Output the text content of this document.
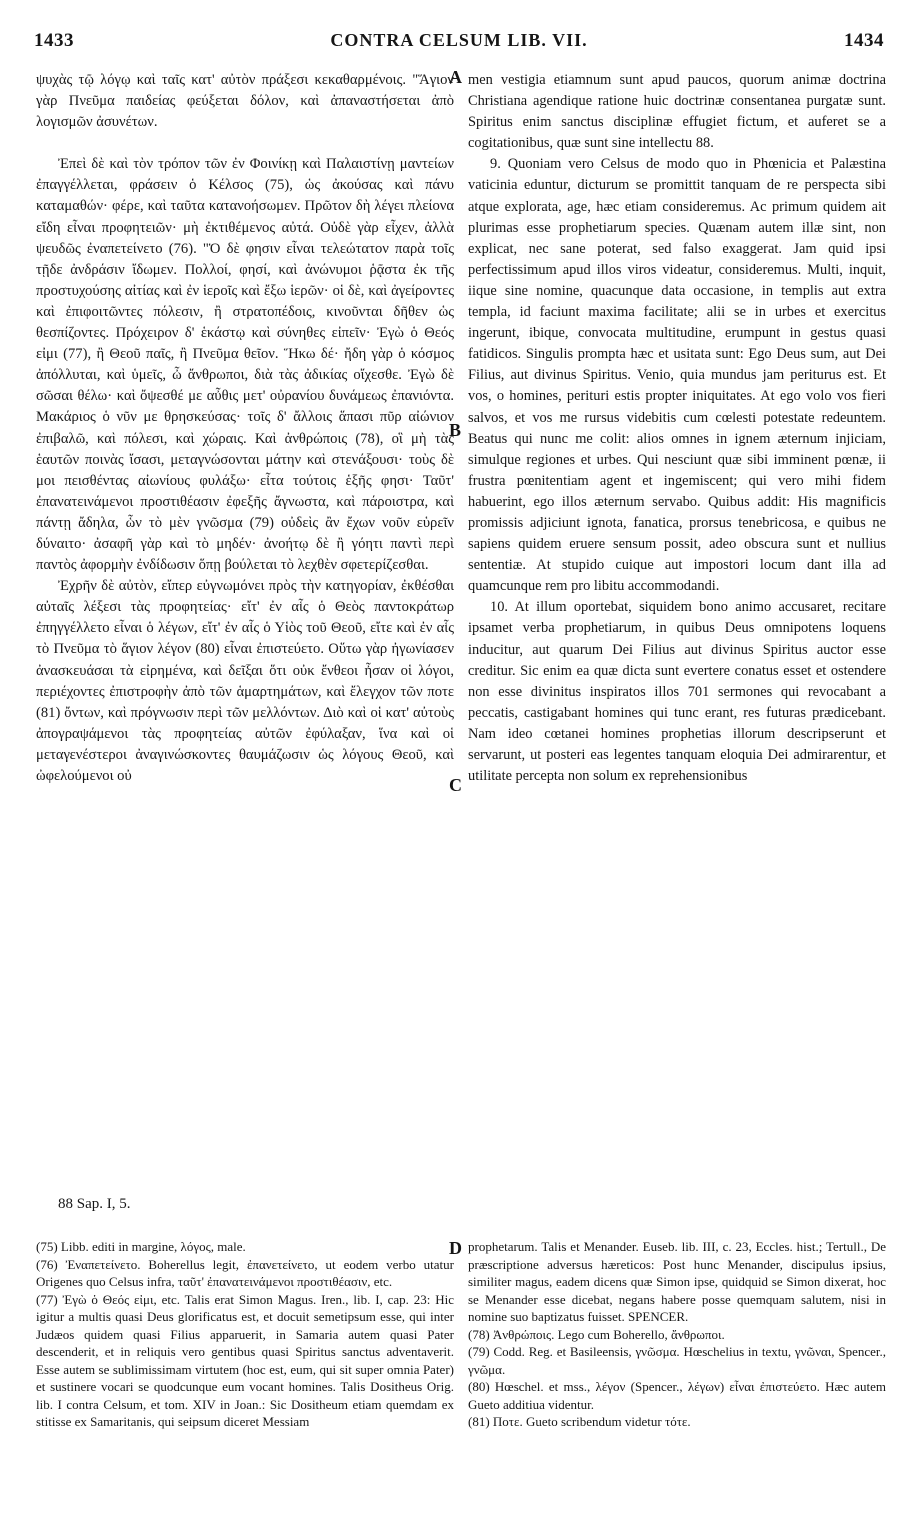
1433	CONTRA CELSUM LIB. VII.	1434

ψυχὰς τῷ λόγῳ καὶ ταῖς κατ' αὐτὸν πράξεσι κεκαθαρμένοις. "Ἅγιον γὰρ Πνεῦμα παιδείας φεύξεται δόλον, καὶ ἀπαναστήσεται ἀπὸ λογισμῶν ἀσυνέτων.

Ἐπεὶ δὲ καὶ τὸν τρόπον τῶν ἐν Φοινίκῃ καὶ Παλαιστίνῃ μαντείων ἐπαγγέλλεται, φράσειν ὁ Κέλσος (75), ὡς ἀκούσας καὶ πάνυ καταμαθών· φέρε, καὶ ταῦτα κατανοήσωμεν. Πρῶτον δὴ λέγει πλείονα εἴδη εἶναι προφητειῶν· μὴ ἐκτιθέμενος αὐτά. Οὐδὲ γὰρ εἶχεν, ἀλλὰ ψευδῶς ἐναπετείνετο (76). "Ὁ δὲ φησιν εἶναι τελεώτατον παρὰ τοῖς τῇδε ἀνδράσιν ἴδωμεν. Πολλοί, φησί, καὶ ἀνώνυμοι ῥᾷστα ἐκ τῆς προστυχούσης αἰτίας καὶ ἐν ἱεροῖς καὶ ἔξω ἱερῶν· οἱ δὲ, καὶ ἀγείροντες καὶ ἐπιφοιτῶντες πόλεσιν, ἢ στρατοπέδοις, κινοῦνται δῆθεν ὡς θεσπίζοντες. Πρόχειρον δ' ἑκάστῳ καὶ σύνηθες εἰπεῖν· Ἐγὼ ὁ Θεός εἰμι (77), ἢ Θεοῦ παῖς, ἢ Πνεῦμα θεῖον. Ἥκω δέ· ἤδη γὰρ ὁ κόσμος ἀπόλλυται, καὶ ὑμεῖς, ὦ ἄνθρωποι, διὰ τὰς ἀδικίας οἴχεσθε. Ἐγὼ δὲ σῶσαι θέλω· καὶ ὄψεσθέ με αὖθις μετ' οὐρανίου δυνάμεως ἐπανιόντα. Μακάριος ὁ νῦν με θρησκεύσας· τοῖς δ' ἄλλοις ἅπασι πῦρ αἰώνιον ἐπιβαλῶ, καὶ πόλεσι, καὶ χώραις. Καὶ ἀνθρώποις (78), οἳ μὴ τὰς ἑαυτῶν ποινὰς ἴσασι, μεταγνώσονται μάτην καὶ στενάξουσι· τοὺς δὲ μοι πεισθέντας αἰωνίους φυλάξω· εἶτα τούτοις ἑξῆς φησι· Ταῦτ' ἐπανατεινάμενοι προστιθέασιν ἐφεξῆς ἄγνωστα, καὶ πάροιστρα, καὶ πάντῃ ἄδηλα, ὧν τὸ μὲν γνῶσμα (79) οὐδεὶς ἂν ἔχων νοῦν εὑρεῖν δύναιτο· ἀσαφῆ γὰρ καὶ τὸ μηδέν· ἀνοήτῳ δὲ ἢ γόητι παντὶ περὶ παντὸς ἀφορμὴν ἐνδίδωσιν ὅπῃ βούλεται τὸ λεχθὲν σφετερίζεσθαι.

Ἐχρῆν δὲ αὐτὸν, εἴπερ εὐγνωμόνει πρὸς τὴν κατηγορίαν, ἐκθέσθαι αὐταῖς λέξεσι τὰς προφητείας· εἴτ' ἐν αἷς ὁ Θεὸς παντοκράτωρ ἐπηγγέλλετο εἶναι ὁ λέγων, εἴτ' ἐν αἷς ὁ Υἱὸς τοῦ Θεοῦ, εἴτε καὶ ἐν αἷς τὸ Πνεῦμα τὸ ἅγιον λέγον (80) εἶναι ἐπιστεύετο. Οὕτω γὰρ ἠγωνίασεν ἀνασκευάσαι τὰ εἰρημένα, καὶ δεῖξαι ὅτι οὐκ ἔνθεοι ἦσαν οἱ λόγοι, περιέχοντες ἐπιστροφὴν ἀπὸ τῶν ἁμαρτημάτων, καὶ ἔλεγχον τῶν ποτε (81) ὄντων, καὶ πρόγνωσιν περὶ τῶν μελλόντων. Διὸ καὶ οἱ κατ' αὐτοὺς ἀπογραψάμενοι τὰς προφητείας αὐτῶν ἐφύλαξαν, ἵνα καὶ οἱ μεταγενέστεροι ἀναγινώσκοντες θαυμάζωσιν ὡς λόγους Θεοῦ, καὶ ὠφελούμενοι οὐ

men vestigia etiamnum sunt apud paucos, quorum animæ doctrina Christiana agendique ratione huic doctrinæ consentanea purgatæ sunt. Spiritus enim sanctus disciplinæ effugiet fictum, et auferet se a cogitationibus, quæ sunt sine intellectu 88.

9. Quoniam vero Celsus de modo quo in Phœnicia et Palæstina vaticinia eduntur, dicturum se promittit tanquam de re perspecta sibi atque explorata, age, hæc etiam consideremus. Ac primum quidem ait plurimas esse prophetiarum species. Quænam autem illæ sint, non explicat, nec sane poterat, sed falso exaggerat. Jam quid ipsi perfectissimum apud illos viros videatur, consideremus. Multi, inquit, iique sine nomine, quacunque data occasione, in templis aut extra templa, id faciunt maxima facilitate; alii se in urbes et exercitus ingerunt, ibique, convocata multitudine, erumpunt in gestus quasi fatidicos. Singulis prompta hæc et usitata sunt: Ego Deus sum, aut Dei Filius, aut divinus Spiritus. Venio, quia mundus jam periturus est. Et vos, o homines, perituri estis propter iniquitates. At ego volo vos fieri salvos, et vos me rursus videbitis cum cœlesti potestate redeuntem. Beatus qui nunc me colit: alios omnes in ignem æternum injiciam, simulque regiones et urbes. Qui nesciunt quæ sibi imminent pœnæ, ii frustra pœnitentiam agent et ingemiscent; qui vero mihi fidem habuerint, ego illos æternum servabo. Quibus addit: His magnificis promissis adjiciunt ignota, fanatica, prorsus tenebricosa, e quibus ne sapiens quidem eruere sensum possit, adeo obscura sunt et nullius sententiæ. At stupido cuique aut impostori locum dant illa ad quamcunque rem pro libitu accommodandi.

10. At illum oportebat, siquidem bono animo accusaret, recitare ipsamet verba prophetiarum, in quibus Deus omnipotens loquens inducitur, aut quarum Dei Filius aut divinus Spiritus auctor esse creditur. Sic enim ea quæ dicta sunt evertere conatus esset et ostendere non esse divinitus inspiratos illos 701 sermones qui revocabant a peccatis, castigabant homines qui tunc erant, res futuras prædicebant. Nam ideo cœtanei homines prophetias illorum descripserunt et servarunt, ut posteri eas legentes tanquam eloquia Dei admirarentur, et utilitate percepta non solum ex reprehensionibus

A
B
C
D
88 Sap. I, 5.

(75) Libb. editi in margine, λόγος, male.

(76) Ἐναπετείνετο. Boherellus legit, ἐπανετείνετο, ut eodem verbo utatur Origenes quo Celsus infra, ταῦτ' ἐπανατεινάμενοι προστιθέασιν, etc.

(77) Ἐγὼ ὁ Θεός εἰμι, etc. Talis erat Simon Magus. Iren., lib. I, cap. 23: Hic igitur a multis quasi Deus glorificatus est, et docuit semetipsum esse, qui inter Judæos quidem quasi Filius apparuerit, in Samaria autem quasi Pater descenderit, et in reliquis vero gentibus quasi Spiritus sanctus adventaverit. Esse autem se sublimissimam virtutem (hoc est, eum, qui sit super omnia Pater) et sustinere vocari se quodcunque eum vocant homines. Talis Dositheus Orig. lib. I contra Celsum, et tom. XIV in Joan.: Sic Dositheum etiam quemdam ex stitisse ex Samaritanis, qui seipsum diceret Messiam

prophetarum. Talis et Menander. Euseb. lib. III, c. 23, Eccles. hist.; Tertull., De præscriptione adversus hæreticos: Post hunc Menander, discipulus ipsius, similiter magus, eadem dicens quæ Simon ipse, quidquid se Simon dixerat, hoc se Menander esse dicebat, negans habere posse quemquam salutem, nisi in nomine suo baptizatus fuisset. SPENCER.

(78) Ἀνθρώποις. Lego cum Boherello, ἄνθρωποι.

(79) Codd. Reg. et Basileensis, γνῶσμα. Hœschelius in textu, γνῶναι, Spencer., γνῶμα.

(80) Hœschel. et mss., λέγον (Spencer., λέγων) εἶναι ἐπιστεύετο. Hæc autem Gueto additiua videntur.

(81) Ποτε. Gueto scribendum videtur τότε.
